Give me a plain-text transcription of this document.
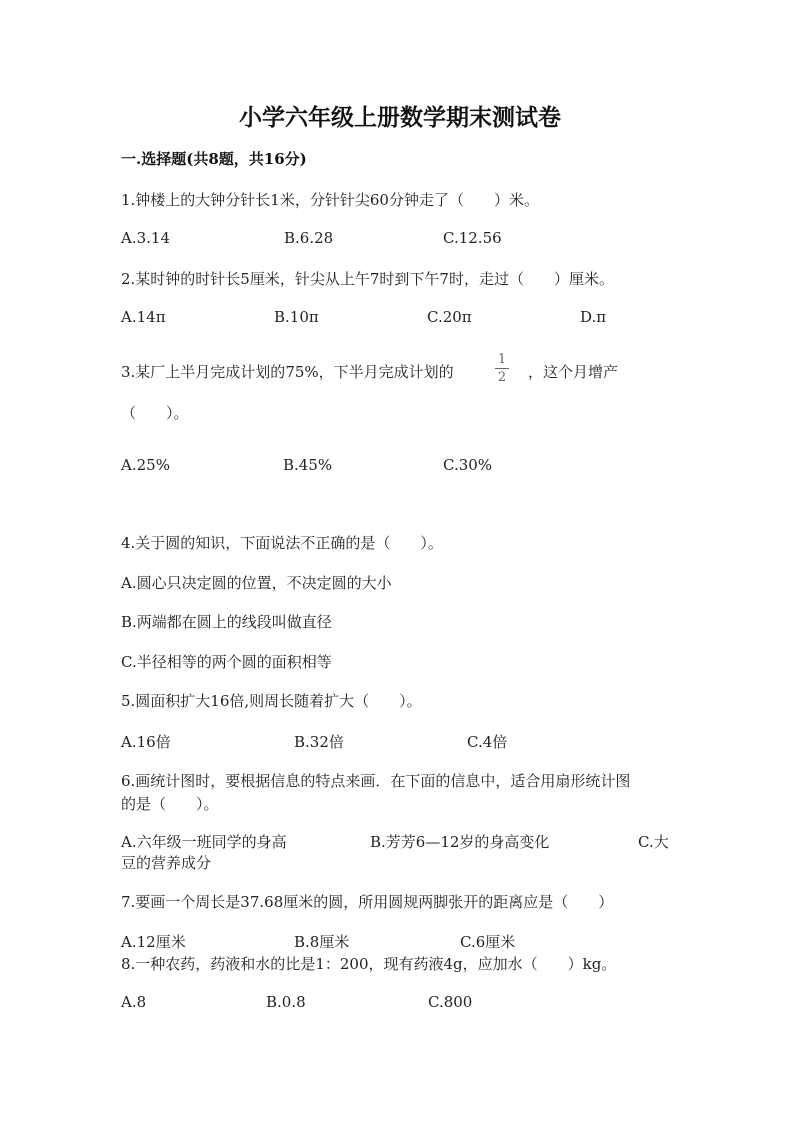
小学六年级上册数学期末测试卷
一.选择题(共8题，共16分)
1.钟楼上的大钟分针长1米，分针针尖60分钟走了（　　）米。
A.3.14	B.6.28	C.12.56
2.某时钟的时针长5厘米，针尖从上午7时到下午7时，走过（　　）厘米。
A.14π	B.10π	C.20π	D.π
3.某厂上半月完成计划的75%，下半月完成计划的
1
2	，这个月增产
（　　）。
A.25%	B.45%	C.30%
4.关于圆的知识，下面说法不正确的是（　　）。
A.圆心只决定圆的位置，不决定圆的大小
B.两端都在圆上的线段叫做直径
C.半径相等的两个圆的面积相等
5.圆面积扩大16倍,则周长随着扩大（　　）。
A.16倍	B.32倍	C.4倍
6.画统计图时，要根据信息的特点来画．在下面的信息中，适合用扇形统计图
的是（　　）。
A.六年级一班同学的身高	B.芳芳6—12岁的身高变化	C.大
豆的营养成分
7.要画一个周长是37.68厘米的圆，所用圆规两脚张开的距离应是（　　）
A.12厘米	B.8厘米	C.6厘米
8.一种农药，药液和水的比是1：200，现有药液4g，应加水（　　）kg。
A.8	B.0.8	C.800
